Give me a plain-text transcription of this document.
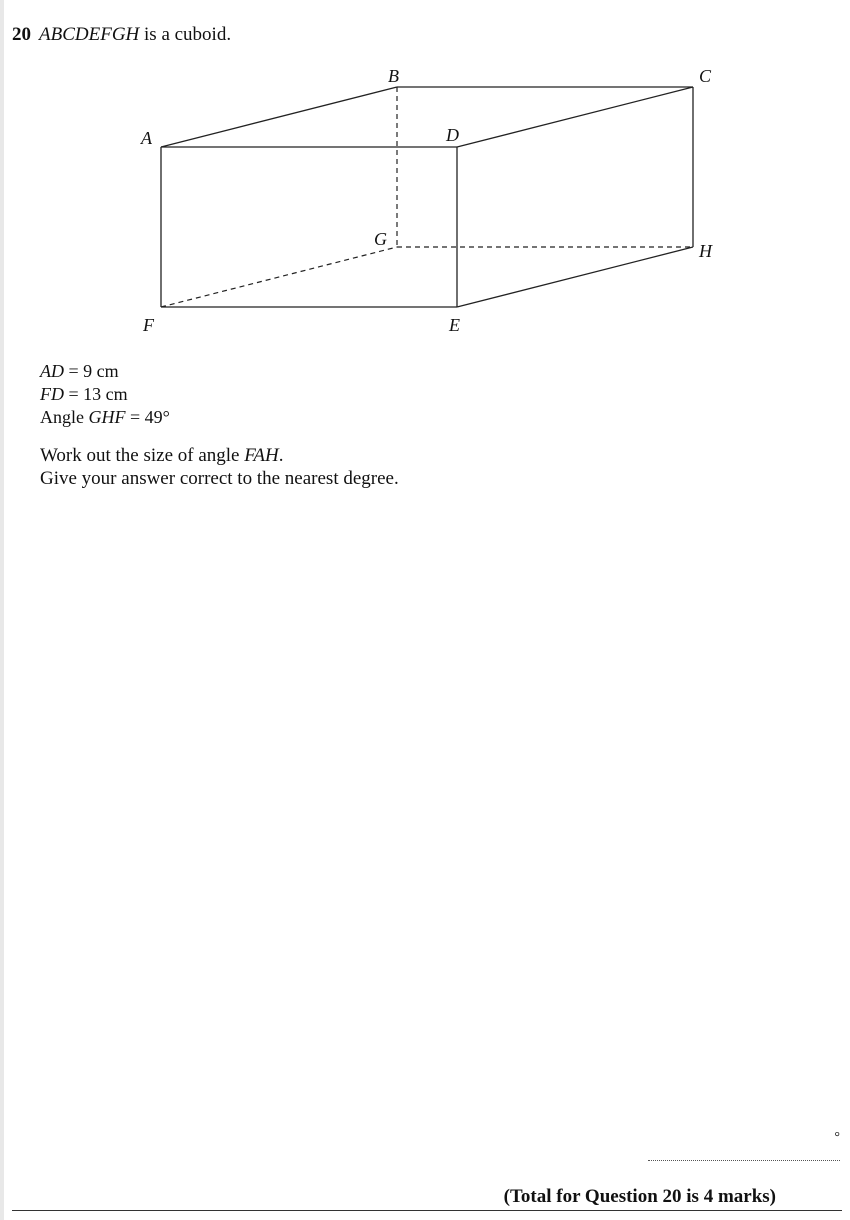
20 ABCDEFGH is a cuboid.
A
B	C
D
G
H
F	E
AD = 9 cm
FD = 13 cm
Angle GHF = 49°
Work out the size of angle FAH.
Give your answer correct to the nearest degree.
°
(Total for Question 20 is 4 marks)
